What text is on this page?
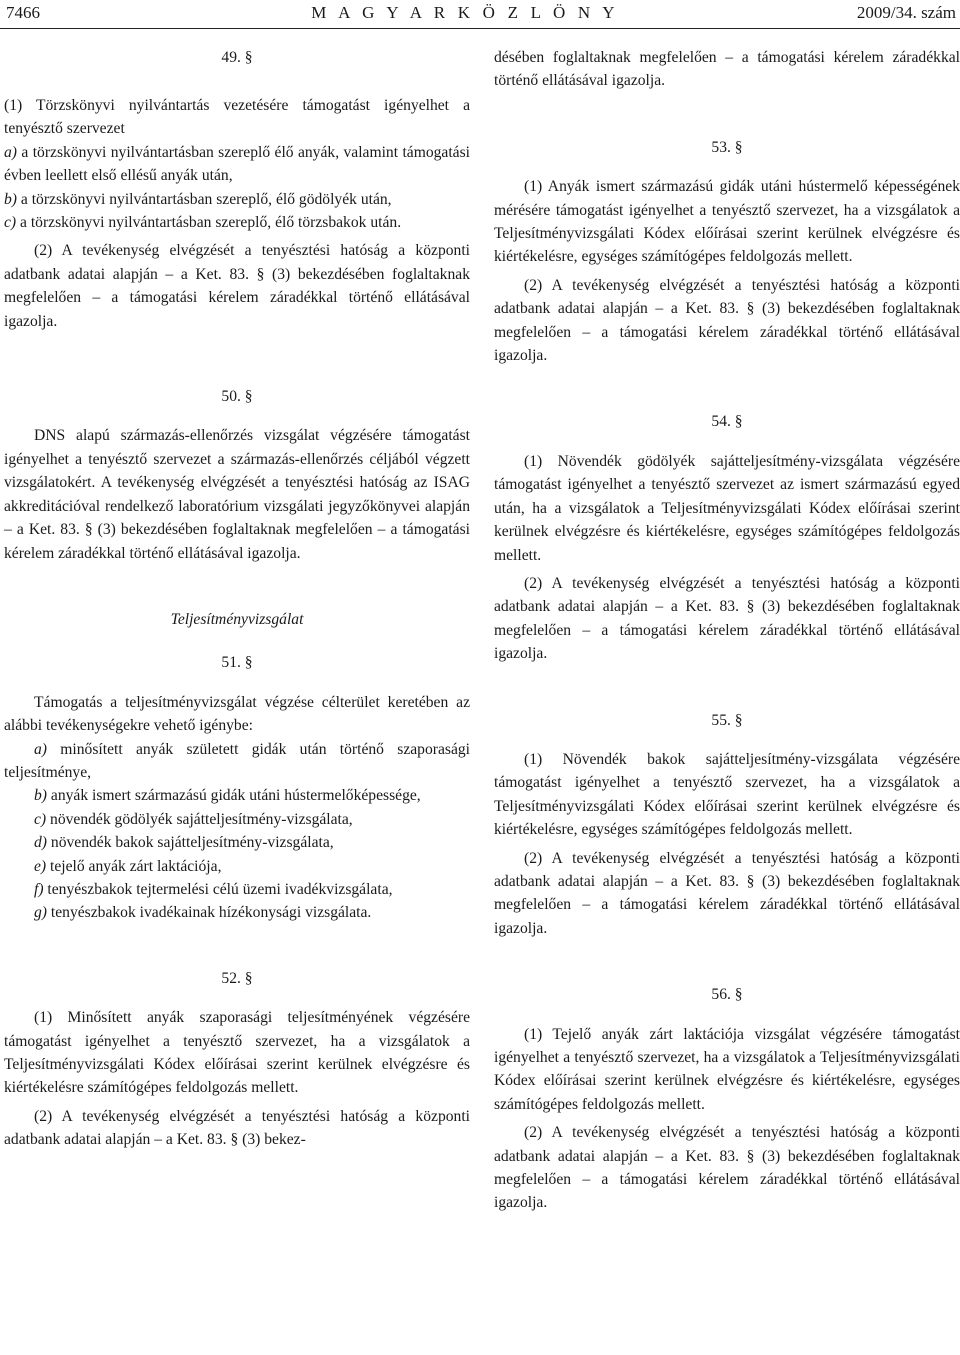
7466	M A G Y A R K Ö Z L Ö N Y	2009/34. szám

49. §

(1) Törzskönyvi nyilvántartás vezetésére támogatást igényelhet a tenyésztő szervezet

a) a törzskönyvi nyilvántartásban szereplő élő anyák, valamint támogatási évben leellett első ellésű anyák után,

b) a törzskönyvi nyilvántartásban szereplő, élő gödölyék után,

c) a törzskönyvi nyilvántartásban szereplő, élő törzsbakok után.

(2) A tevékenység elvégzését a tenyésztési hatóság a központi adatbank adatai alapján – a Ket. 83. § (3) bekezdésében foglaltaknak megfelelően – a támogatási kérelem záradékkal történő ellátásával igazolja.

50. §

DNS alapú származás-ellenőrzés vizsgálat végzésére támogatást igényelhet a tenyésztő szervezet a származás-ellenőrzés céljából végzett vizsgálatokért. A tevékenység elvégzését a tenyésztési hatóság az ISAG akkreditációval rendelkező laboratórium vizsgálati jegyzőkönyvei alapján – a Ket. 83. § (3) bekezdésében foglaltaknak megfelelően – a támogatási kérelem záradékkal történő ellátásával igazolja.

Teljesítményvizsgálat

51. §

Támogatás a teljesítményvizsgálat végzése célterület keretében az alábbi tevékenységekre vehető igénybe:

a) minősített anyák született gidák után történő szaporasági teljesítménye,

b) anyák ismert származású gidák utáni hústermelőképessége,

c) növendék gödölyék sajátteljesítmény-vizsgálata,

d) növendék bakok sajátteljesítmény-vizsgálata,

e) tejelő anyák zárt laktációja,

f) tenyészbakok tejtermelési célú üzemi ivadékvizsgálata,

g) tenyészbakok ivadékainak hízékonysági vizsgálata.

52. §

(1) Minősített anyák szaporasági teljesítményének végzésére támogatást igényelhet a tenyésztő szervezet, ha a vizsgálatok a Teljesítményvizsgálati Kódex előírásai szerint kerülnek elvégzésre és kiértékelésre számítógépes feldolgozás mellett.

(2) A tevékenység elvégzését a tenyésztési hatóság a központi adatbank adatai alapján – a Ket. 83. § (3) bekez-

désében foglaltaknak megfelelően – a támogatási kérelem záradékkal történő ellátásával igazolja.

53. §

(1) Anyák ismert származású gidák utáni hústermelő képességének mérésére támogatást igényelhet a tenyésztő szervezet, ha a vizsgálatok a Teljesítményvizsgálati Kódex előírásai szerint kerülnek elvégzésre és kiértékelésre, egységes számítógépes feldolgozás mellett.

(2) A tevékenység elvégzését a tenyésztési hatóság a központi adatbank adatai alapján – a Ket. 83. § (3) bekezdésében foglaltaknak megfelelően – a támogatási kérelem záradékkal történő ellátásával igazolja.

54. §

(1) Növendék gödölyék sajátteljesítmény-vizsgálata végzésére támogatást igényelhet a tenyésztő szervezet az ismert származású egyed után, ha a vizsgálatok a Teljesítményvizsgálati Kódex előírásai szerint kerülnek elvégzésre és kiértékelésre, egységes számítógépes feldolgozás mellett.

(2) A tevékenység elvégzését a tenyésztési hatóság a központi adatbank adatai alapján – a Ket. 83. § (3) bekezdésében foglaltaknak megfelelően – a támogatási kérelem záradékkal történő ellátásával igazolja.

55. §

(1) Növendék bakok sajátteljesítmény-vizsgálata végzésére támogatást igényelhet a tenyésztő szervezet, ha a vizsgálatok a Teljesítményvizsgálati Kódex előírásai szerint kerülnek elvégzésre és kiértékelésre, egységes számítógépes feldolgozás mellett.

(2) A tevékenység elvégzését a tenyésztési hatóság a központi adatbank adatai alapján – a Ket. 83. § (3) bekezdésében foglaltaknak megfelelően – a támogatási kérelem záradékkal történő ellátásával igazolja.

56. §

(1) Tejelő anyák zárt laktációja vizsgálat végzésére támogatást igényelhet a tenyésztő szervezet, ha a vizsgálatok a Teljesítményvizsgálati Kódex előírásai szerint kerülnek elvégzésre és kiértékelésre, egységes számítógépes feldolgozás mellett.

(2) A tevékenység elvégzését a tenyésztési hatóság a központi adatbank adatai alapján – a Ket. 83. § (3) bekezdésében foglaltaknak megfelelően – a támogatási kérelem záradékkal történő ellátásával igazolja.
